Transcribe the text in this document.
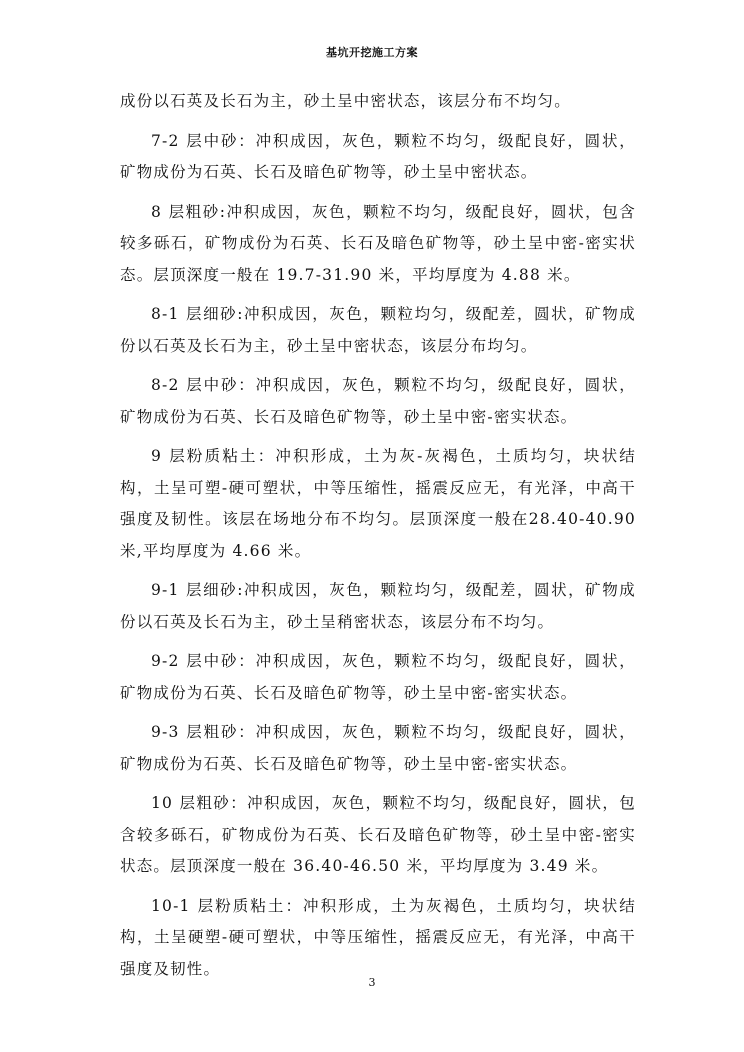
基坑开挖施工方案

成份以石英及长石为主，砂土呈中密状态，该层分布不均匀。

7-2 层中砂：冲积成因，灰色，颗粒不均匀，级配良好，圆状，矿物成份为石英、长石及暗色矿物等，砂土呈中密状态。

8 层粗砂:冲积成因，灰色，颗粒不均匀，级配良好，圆状，包含较多砾石，矿物成份为石英、长石及暗色矿物等，砂土呈中密-密实状态。层顶深度一般在 19.7-31.90 米，平均厚度为 4.88 米。

8-1 层细砂:冲积成因，灰色，颗粒均匀，级配差，圆状，矿物成份以石英及长石为主，砂土呈中密状态，该层分布均匀。

8-2 层中砂：冲积成因，灰色，颗粒不均匀，级配良好，圆状，矿物成份为石英、长石及暗色矿物等，砂土呈中密-密实状态。

9 层粉质粘土：冲积形成，土为灰-灰褐色，土质均匀，块状结构，土呈可塑-硬可塑状，中等压缩性，摇震反应无，有光泽，中高干强度及韧性。该层在场地分布不均匀。层顶深度一般在28.40-40.90 米,平均厚度为 4.66 米。

9-1 层细砂:冲积成因，灰色，颗粒均匀，级配差，圆状，矿物成份以石英及长石为主，砂土呈稍密状态，该层分布不均匀。

9-2 层中砂：冲积成因，灰色，颗粒不均匀，级配良好，圆状，矿物成份为石英、长石及暗色矿物等，砂土呈中密-密实状态。

9-3 层粗砂：冲积成因，灰色，颗粒不均匀，级配良好，圆状，矿物成份为石英、长石及暗色矿物等，砂土呈中密-密实状态。

10 层粗砂：冲积成因，灰色，颗粒不均匀，级配良好，圆状，包含较多砾石，矿物成份为石英、长石及暗色矿物等，砂土呈中密-密实状态。层顶深度一般在 36.40-46.50 米，平均厚度为 3.49 米。

10-1 层粉质粘土：冲积形成，土为灰褐色，土质均匀，块状结构，土呈硬塑-硬可塑状，中等压缩性，摇震反应无，有光泽，中高干强度及韧性。

3
